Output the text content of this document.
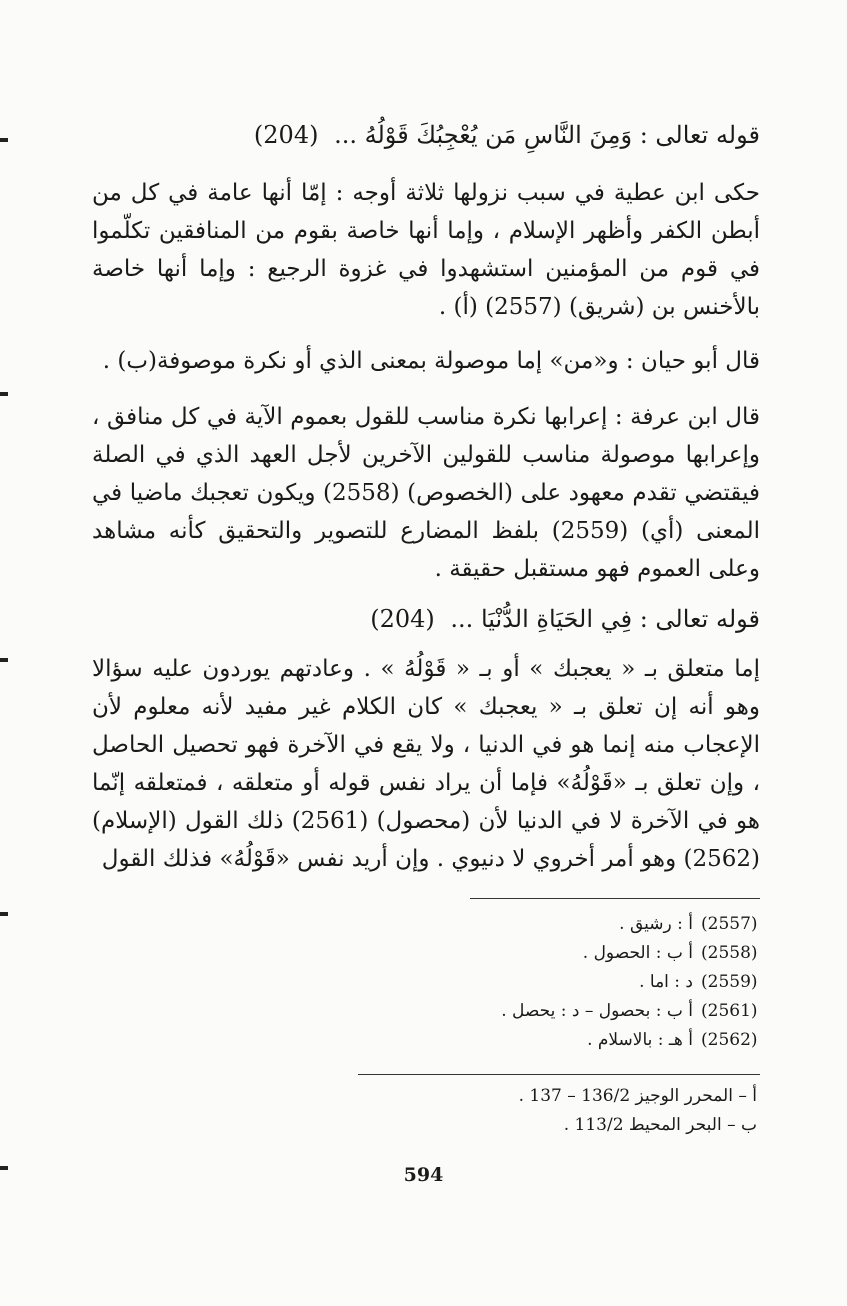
قوله تعالى : وَمِنَ النَّاسِ مَن يُعْجِبُكَ قَوْلُهُ ... (204)

حكى ابن عطية في سبب نزولها ثلاثة أوجه : إمّا أنها عامة في كل من أبطن الكفر وأظهر الإسلام ، وإما أنها خاصة بقوم من المنافقين تكلّموا في قوم من المؤمنين استشهدوا في غزوة الرجيع : وإما أنها خاصة بالأخنس بن (شريق) (2557) (أ) .

قال أبو حيان : و«من» إما موصولة بمعنى الذي أو نكرة موصوفة(ب) .

قال ابن عرفة : إعرابها نكرة مناسب للقول بعموم الآية في كل منافق ، وإعرابها موصولة مناسب للقولين الآخرين لأجل العهد الذي في الصلة فيقتضي تقدم معهود على (الخصوص) (2558) ويكون تعجبك ماضيا في المعنى (أي) (2559) بلفظ المضارع للتصوير والتحقيق كأنه مشاهد وعلى العموم فهو مستقبل حقيقة .

قوله تعالى : فِي الحَيَاةِ الدُّنْيَا ... (204)

إما متعلق بـ « يعجبك » أو بـ « قَوْلُهُ » . وعادتهم يوردون عليه سؤالا وهو أنه إن تعلق بـ « يعجبك » كان الكلام غير مفيد لأنه معلوم لأن الإعجاب منه إنما هو في الدنيا ، ولا يقع في الآخرة فهو تحصيل الحاصل ، وإن تعلق بـ «قَوْلُهُ» فإما أن يراد نفس قوله أو متعلقه ، فمتعلقه إنّما هو في الآخرة لا في الدنيا لأن (محصول) (2561) ذلك القول (الإسلام) (2562) وهو أمر أخروي لا دنيوي . وإن أريد نفس «قَوْلُهُ» فذلك القول

(2557)أ : رشيق .
(2558)أ ب : الحصول .
(2559)د : اما .
(2561)أ ب : بحصول – د : يحصل .
(2562)أ هـ : بالاسلام .
أ – المحرر الوجيز 136/2 – 137 .
ب – البحر المحيط 113/2 .
594
